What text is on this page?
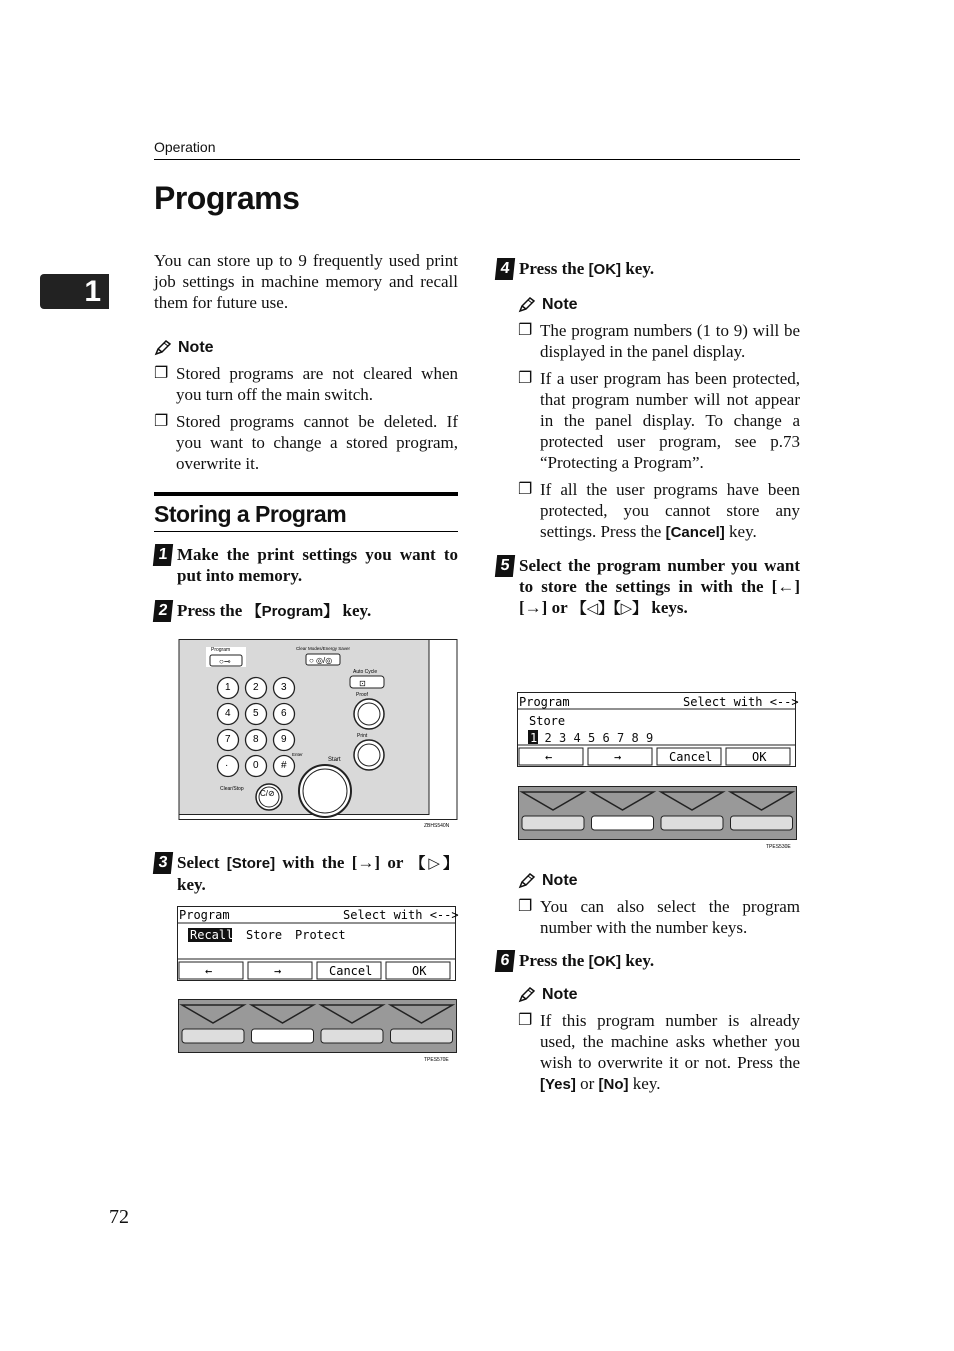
Operation
1
Programs

You can store up to 9 frequently used print job settings in machine memory and recall them for future use.

Note
❐ Stored programs are not cleared when you turn off the main switch.
❐ Stored programs cannot be deleted. If you want to change a stored program, overwrite it.
Storing a Program
1 Make the print settings you want to put into memory.
2 Press the 【Program】 key.
Program
○⊸
Clear Modes/Energy Saver
○ ◎/◎
Auto Cycle
⊡
Proof
Print
Start
Enter
Clear/Stop C/⊘
1 2 3
4 5 6
7 8 9
· 0 #
ZBHS540N
3 Select [Store] with the [→] or 【▷】 key.
Program	Select with <-->
Recall Store Protect
←	→	Cancel	OK
TPES570E
4 Press the [OK] key.
Note
❐ The program numbers (1 to 9) will be displayed in the panel display.
❐ If a user program has been protected, that program number will not appear in the panel display. To change a protected user program, see p.73 “Protecting a Program”.
❐ If all the user programs have been protected, you cannot store any settings. Press the [Cancel] key.
5 Select the program number you want to store the settings in with the [←] [→] or 【◁】【▷】 keys.
Program	Select with <-->
Store
1 2 3 4 5 6 7 8 9
←	→	Cancel	OK
TPES530E
Note
❐ You can also select the program number with the number keys.
6 Press the [OK] key.
Note
❐ If this program number is already used, the machine asks whether you wish to overwrite it or not. Press the [Yes] or [No] key.
72
